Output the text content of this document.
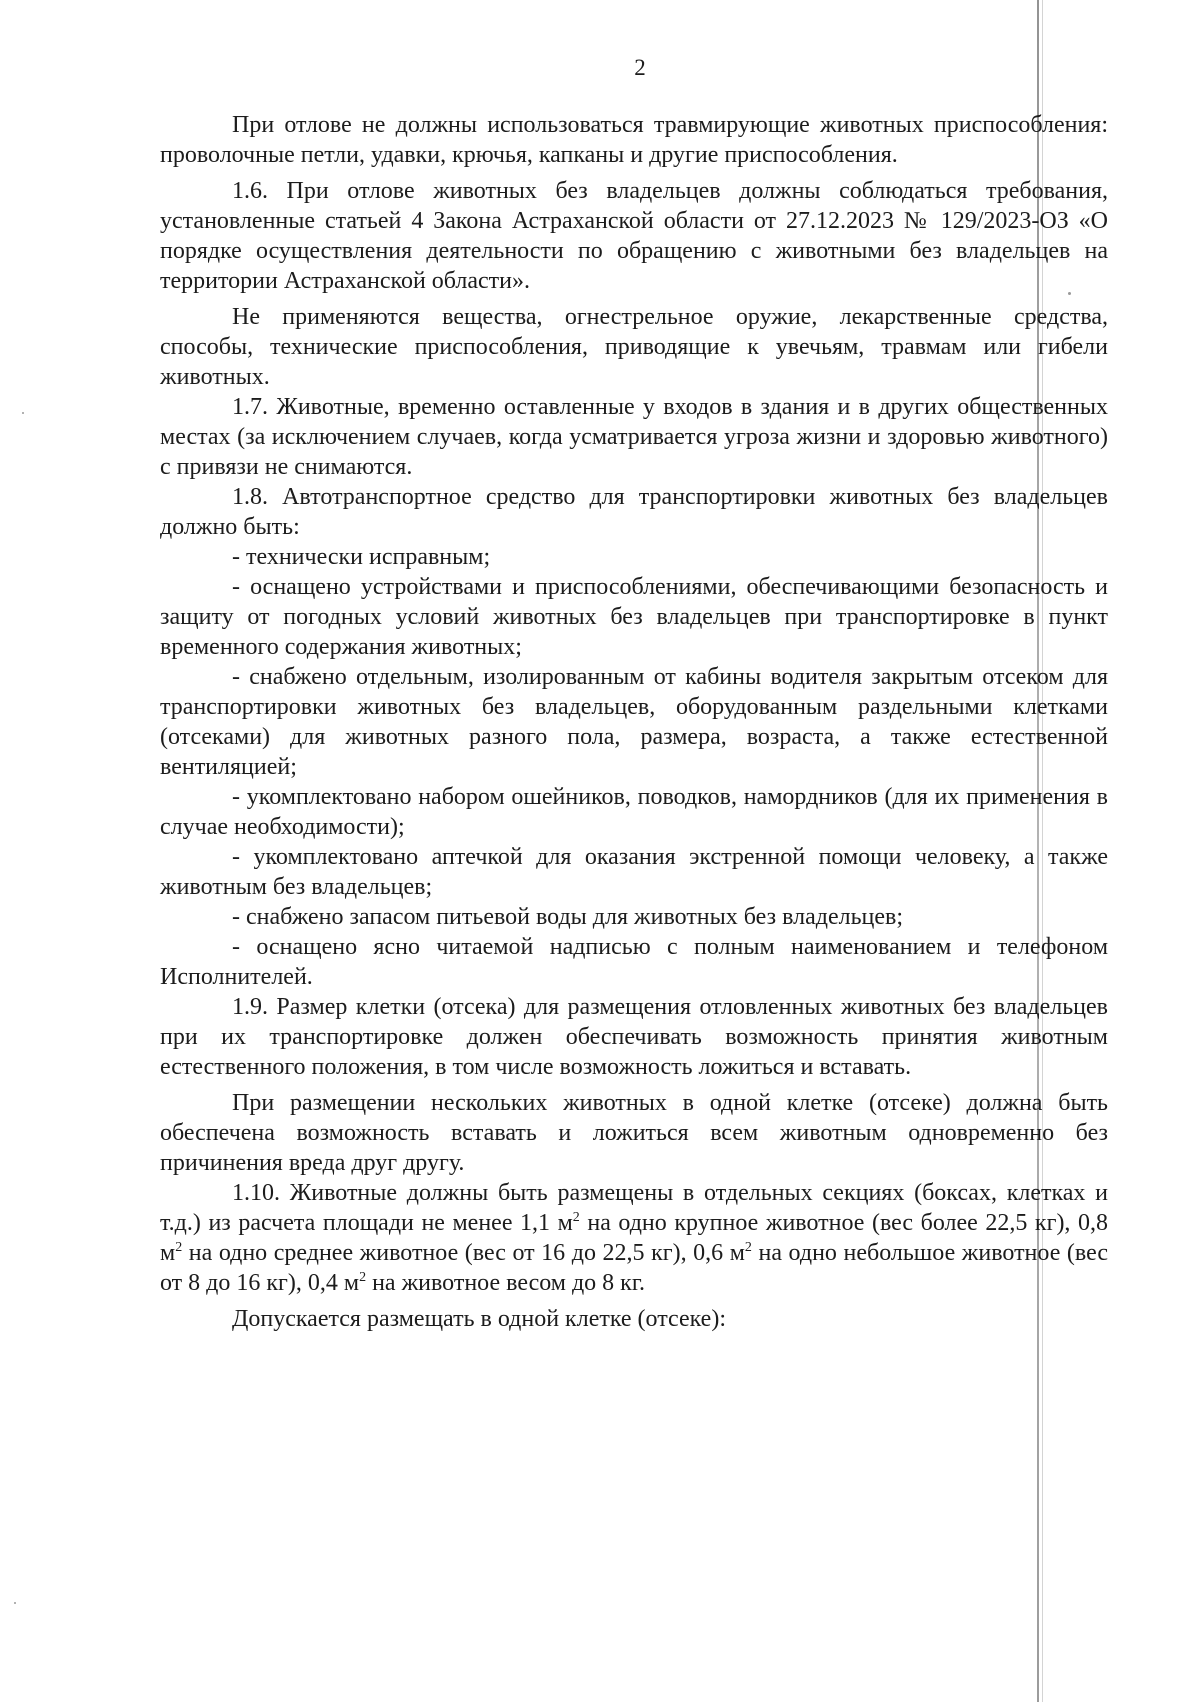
2

При отлове не должны использоваться травмирующие животных приспособления: проволочные петли, удавки, крючья, капканы и другие приспособления.

1.6. При отлове животных без владельцев должны соблюдаться требования, установленные статьей 4 Закона Астраханской области от 27.12.2023 № 129/2023-ОЗ «О порядке осуществления деятельности по обращению с животными без владельцев на территории Астраханской области».

Не применяются вещества, огнестрельное оружие, лекарственные средства, способы, технические приспособления, приводящие к увечьям, травмам или гибели животных.

1.7. Животные, временно оставленные у входов в здания и в других общественных местах (за исключением случаев, когда усматривается угроза жизни и здоровью животного) с привязи не снимаются.

1.8. Автотранспортное средство для транспортировки животных без владельцев должно быть:

- технически исправным;

- оснащено устройствами и приспособлениями, обеспечивающими безопасность и защиту от погодных условий животных без владельцев при транспортировке в пункт временного содержания животных;

- снабжено отдельным, изолированным от кабины водителя закрытым отсеком для транспортировки животных без владельцев, оборудованным раздельными клетками (отсеками) для животных разного пола, размера, возраста, а также естественной вентиляцией;

- укомплектовано набором ошейников, поводков, намордников (для их применения в случае необходимости);

- укомплектовано аптечкой для оказания экстренной помощи человеку, а также животным без владельцев;

- снабжено запасом питьевой воды для животных без владельцев;

- оснащено ясно читаемой надписью с полным наименованием и телефоном Исполнителей.

1.9. Размер клетки (отсека) для размещения отловленных животных без владельцев при их транспортировке должен обеспечивать возможность принятия животным естественного положения, в том числе возможность ложиться и вставать.

При размещении нескольких животных в одной клетке (отсеке) должна быть обеспечена возможность вставать и ложиться всем животным одновременно без причинения вреда друг другу.

1.10. Животные должны быть размещены в отдельных секциях (боксах, клетках и т.д.) из расчета площади не менее 1,1 $м^2$ на одно крупное животное (вес более 22,5 кг), 0,8 $м^2$ на одно среднее животное (вес от 16 до 22,5 кг), 0,6 $м^2$ на одно небольшое животное (вес от 8 до 16 кг), 0,4 $м^2$ на животное весом до 8 кг.

Допускается размещать в одной клетке (отсеке):
